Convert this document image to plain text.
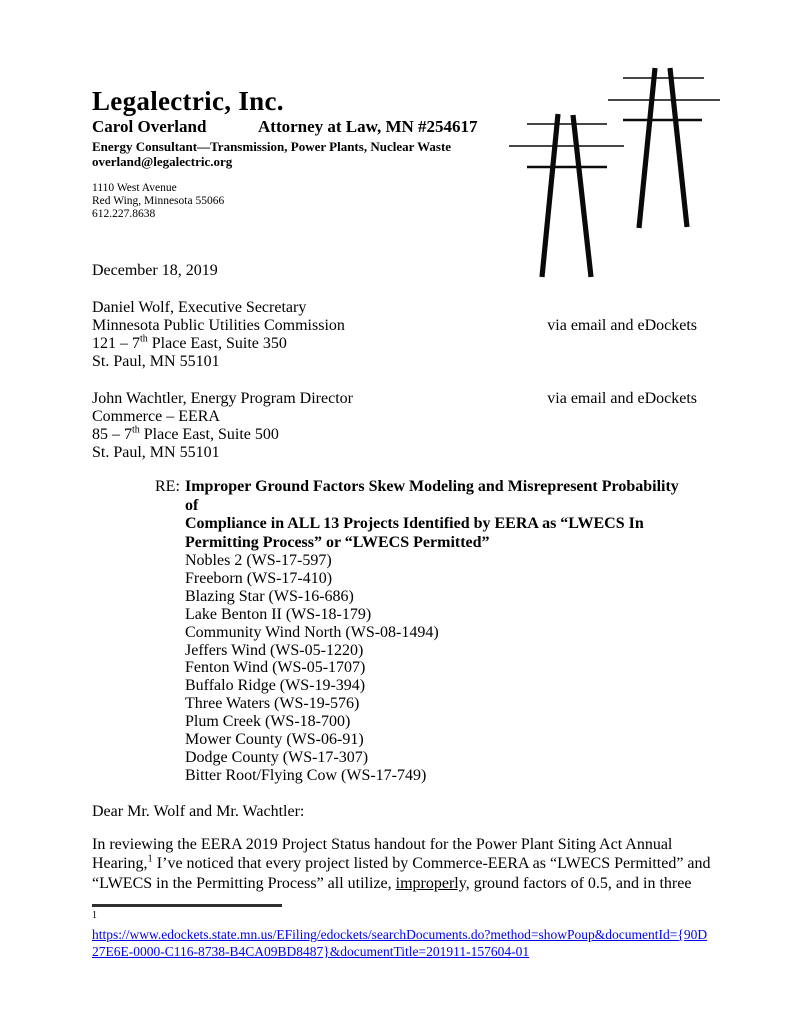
Legalectric, Inc.
Carol Overland	Attorney at Law, MN #254617
Energy Consultant—Transmission, Power Plants, Nuclear Waste
overland@legalectric.org
1110 West Avenue
Red Wing, Minnesota 55066
612.227.8638
December 18, 2019
Daniel Wolf, Executive Secretary
Minnesota Public Utilities Commission	via email and eDockets
121 – 7th Place East, Suite 350
St. Paul, MN 55101
John Wachtler, Energy Program Director	via email and eDockets
Commerce – EERA
85 – 7th Place East, Suite 500
St. Paul, MN 55101
RE: Improper Ground Factors Skew Modeling and Misrepresent Probability of
Compliance in ALL 13 Projects Identified by EERA as “LWECS In
Permitting Process” or “LWECS Permitted”
Nobles 2 (WS-17-597)
Freeborn (WS-17-410)
Blazing Star (WS-16-686)
Lake Benton II (WS-18-179)
Community Wind North (WS-08-1494)
Jeffers Wind (WS-05-1220)
Fenton Wind (WS-05-1707)
Buffalo Ridge (WS-19-394)
Three Waters (WS-19-576)
Plum Creek (WS-18-700)
Mower County (WS-06-91)
Dodge County (WS-17-307)
Bitter Root/Flying Cow (WS-17-749)
Dear Mr. Wolf and Mr. Wachtler:

In reviewing the EERA 2019 Project Status handout for the Power Plant Siting Act Annual Hearing,$^1$ I’ve noticed that every project listed by Commerce-EERA as “LWECS Permitted” and “LWECS in the Permitting Process” all utilize, improperly, ground factors of 0.5, and in three

1
https://www.edockets.state.mn.us/EFiling/edockets/searchDocuments.do?method=showPoup&documentId={90D27E6E-0000-C116-8738-B4CA09BD8487}&documentTitle=201911-157604-01
